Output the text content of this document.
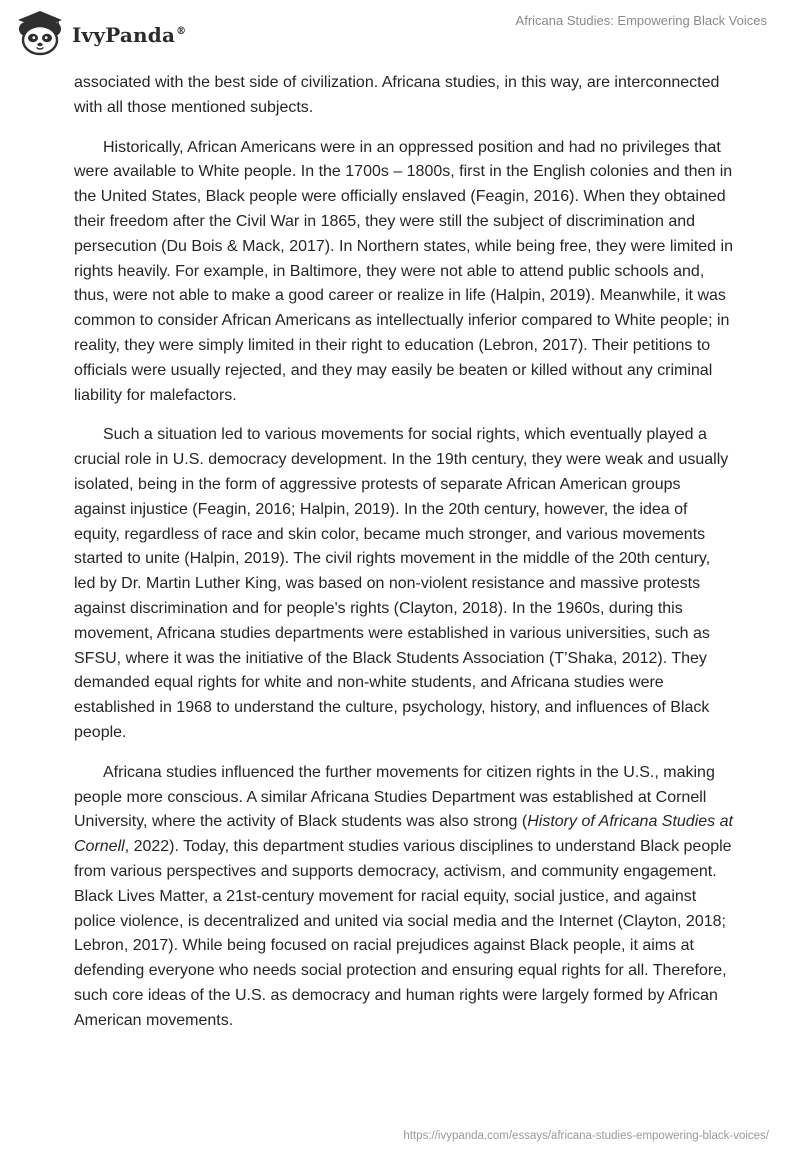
IvyPanda®
Africana Studies: Empowering Black Voices

associated with the best side of civilization. Africana studies, in this way, are interconnected with all those mentioned subjects.

Historically, African Americans were in an oppressed position and had no privileges that were available to White people. In the 1700s – 1800s, first in the English colonies and then in the United States, Black people were officially enslaved (Feagin, 2016). When they obtained their freedom after the Civil War in 1865, they were still the subject of discrimination and persecution (Du Bois & Mack, 2017). In Northern states, while being free, they were limited in rights heavily. For example, in Baltimore, they were not able to attend public schools and, thus, were not able to make a good career or realize in life (Halpin, 2019). Meanwhile, it was common to consider African Americans as intellectually inferior compared to White people; in reality, they were simply limited in their right to education (Lebron, 2017). Their petitions to officials were usually rejected, and they may easily be beaten or killed without any criminal liability for malefactors.

Such a situation led to various movements for social rights, which eventually played a crucial role in U.S. democracy development. In the 19th century, they were weak and usually isolated, being in the form of aggressive protests of separate African American groups against injustice (Feagin, 2016; Halpin, 2019). In the 20th century, however, the idea of equity, regardless of race and skin color, became much stronger, and various movements started to unite (Halpin, 2019). The civil rights movement in the middle of the 20th century, led by Dr. Martin Luther King, was based on non-violent resistance and massive protests against discrimination and for people's rights (Clayton, 2018). In the 1960s, during this movement, Africana studies departments were established in various universities, such as SFSU, where it was the initiative of the Black Students Association (T’Shaka, 2012). They demanded equal rights for white and non-white students, and Africana studies were established in 1968 to understand the culture, psychology, history, and influences of Black people.

Africana studies influenced the further movements for citizen rights in the U.S., making people more conscious. A similar Africana Studies Department was established at Cornell University, where the activity of Black students was also strong (History of Africana Studies at Cornell, 2022). Today, this department studies various disciplines to understand Black people from various perspectives and supports democracy, activism, and community engagement. Black Lives Matter, a 21st-century movement for racial equity, social justice, and against police violence, is decentralized and united via social media and the Internet (Clayton, 2018; Lebron, 2017). While being focused on racial prejudices against Black people, it aims at defending everyone who needs social protection and ensuring equal rights for all. Therefore, such core ideas of the U.S. as democracy and human rights were largely formed by African American movements.

https://ivypanda.com/essays/africana-studies-empowering-black-voices/
